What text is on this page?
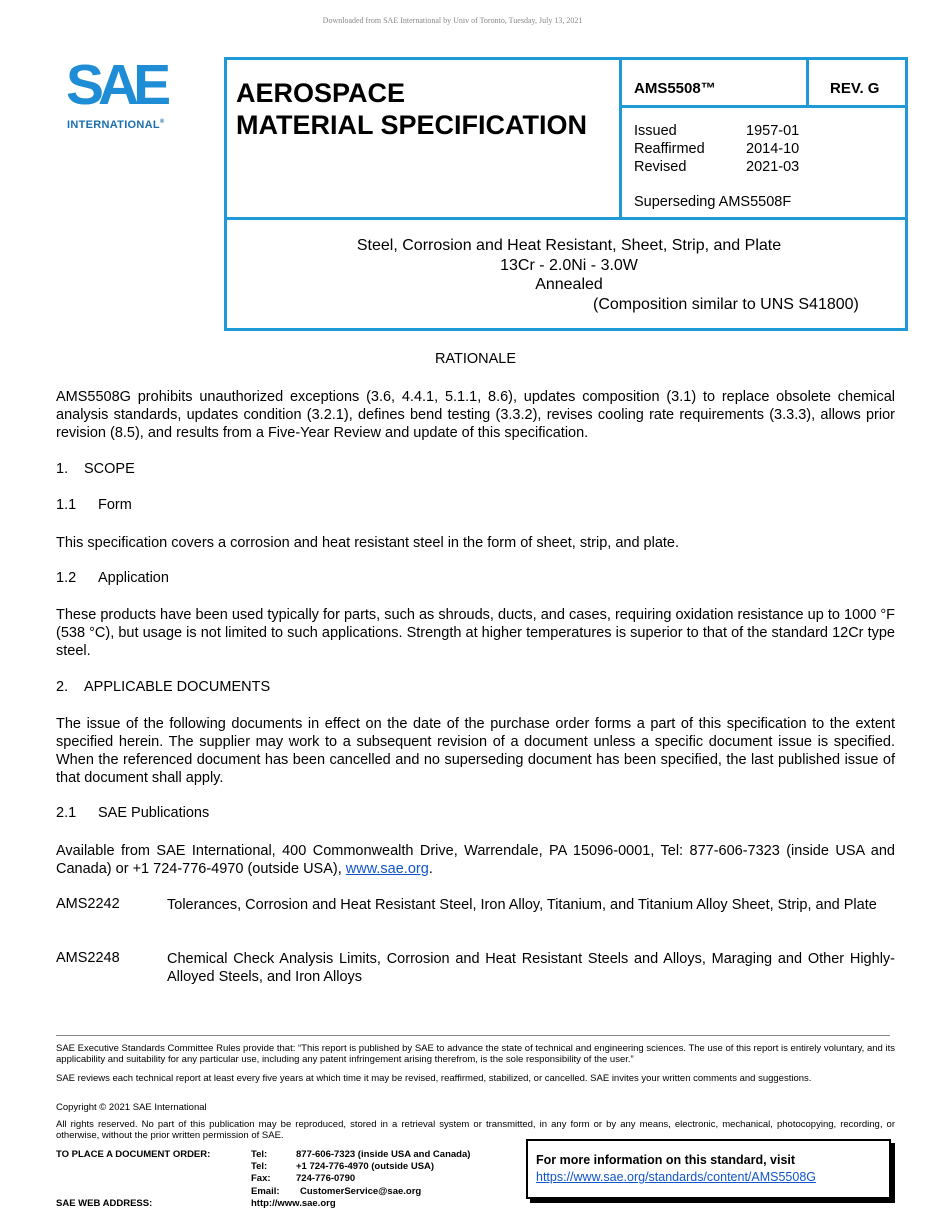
Downloaded from SAE International by Univ of Toronto, Tuesday, July 13, 2021
SAE
INTERNATIONAL®
AEROSPACE
MATERIAL SPECIFICATION
AMS5508™	REV. G
Issued	1957-01
Reaffirmed	2014-10
Revised	2021-03
Superseding AMS5508F
Steel, Corrosion and Heat Resistant, Sheet, Strip, and Plate
13Cr - 2.0Ni - 3.0W
Annealed
(Composition similar to UNS S41800)
RATIONALE
AMS5508G prohibits unauthorized exceptions (3.6, 4.4.1, 5.1.1, 8.6), updates composition (3.1) to replace obsolete chemical analysis standards, updates condition (3.2.1), defines bend testing (3.3.2), revises cooling rate requirements (3.3.3), allows prior revision (8.5), and results from a Five-Year Review and update of this specification.
1. SCOPE
1.1 Form
This specification covers a corrosion and heat resistant steel in the form of sheet, strip, and plate.
1.2 Application
These products have been used typically for parts, such as shrouds, ducts, and cases, requiring oxidation resistance up to 1000 °F (538 °C), but usage is not limited to such applications. Strength at higher temperatures is superior to that of the standard 12Cr type steel.
2. APPLICABLE DOCUMENTS
The issue of the following documents in effect on the date of the purchase order forms a part of this specification to the extent specified herein. The supplier may work to a subsequent revision of a document unless a specific document issue is specified. When the referenced document has been cancelled and no superseding document has been specified, the last published issue of that document shall apply.
2.1 SAE Publications
Available from SAE International, 400 Commonwealth Drive, Warrendale, PA 15096-0001, Tel: 877-606-7323 (inside USA and Canada) or +1 724-776-4970 (outside USA), www.sae.org.
AMS2242	Tolerances, Corrosion and Heat Resistant Steel, Iron Alloy, Titanium, and Titanium Alloy Sheet, Strip, and Plate
AMS2248	Chemical Check Analysis Limits, Corrosion and Heat Resistant Steels and Alloys, Maraging and Other Highly-Alloyed Steels, and Iron Alloys
SAE Executive Standards Committee Rules provide that: “This report is published by SAE to advance the state of technical and engineering sciences. The use of this report is entirely voluntary, and its applicability and suitability for any particular use, including any patent infringement arising therefrom, is the sole responsibility of the user.”
SAE reviews each technical report at least every five years at which time it may be revised, reaffirmed, stabilized, or cancelled. SAE invites your written comments and suggestions.
Copyright © 2021 SAE International
All rights reserved. No part of this publication may be reproduced, stored in a retrieval system or transmitted, in any form or by any means, electronic, mechanical, photocopying, recording, or otherwise, without the prior written permission of SAE.
TO PLACE A DOCUMENT ORDER:	Tel:	877-606-7323 (inside USA and Canada)
Tel:	+1 724-776-4970 (outside USA)
Fax:	724-776-0790
Email: CustomerService@sae.org
SAE WEB ADDRESS:	http://www.sae.org
For more information on this standard, visit
https://www.sae.org/standards/content/AMS5508G
